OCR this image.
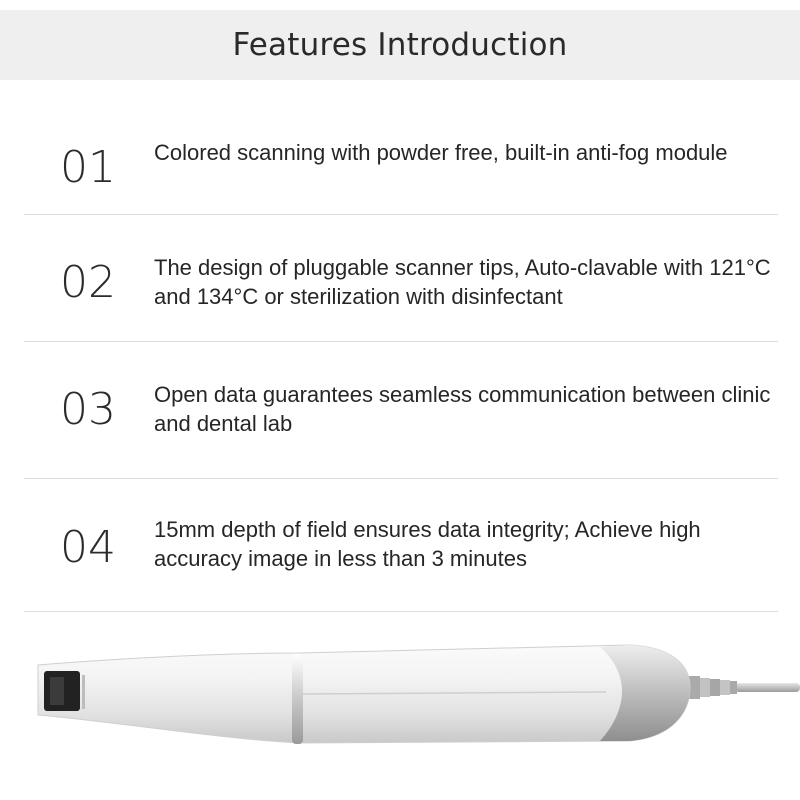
Features Introduction
01 Colored scanning with powder free, built-in anti-fog module
02 The design of pluggable scanner tips, Auto-clavable with 121°C and 134°C or sterilization with disinfectant
03 Open data guarantees seamless communication between clinic and dental lab
04 15mm depth of field ensures data integrity; Achieve high accuracy image in less than 3 minutes
